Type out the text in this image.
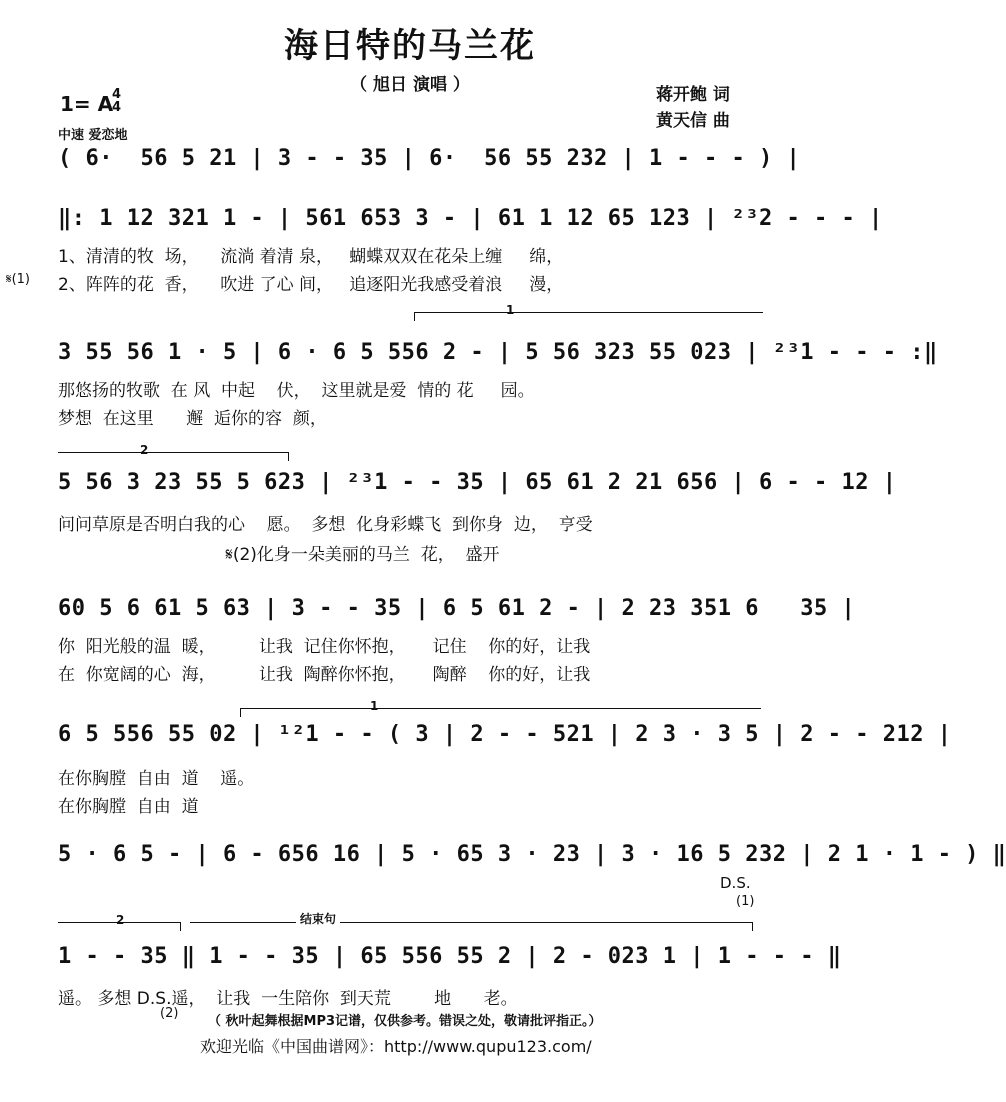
海日特的马兰花
（ 旭日 演唱 ）	蒋开鲍 词
黄天信 曲
1= A
4
4
中速 爱恋地
( 6·  56 5 21 | 3 - - 35 | 6·  56 55 232 | 1 - - - ) |
‖: 1 12 321 1 - | 561 653 3 - | 61 1 12 65 123 | ²³2 - - - |
1、清清的牧  场，    流淌 着清 泉，   蝴蝶双双在花朵上缠     绵，
2、阵阵的花  香，    吹进 了心 间，   追逐阳光我感受着浪     漫，
𝄋(1)
1
3 55 56 1 · 5 | 6 · 6 5 556 2 - | 5 56 323 55 023 | ²³1 - - - :‖
那悠扬的牧歌  在 风  中起    伏，  这里就是爱  情的 花     园。
梦想  在这里      邂  逅你的容  颜，
2
5 56 3 23 55 5 623 | ²³1 - - 35 | 65 61 2 21 656 | 6 - - 12 |
问问草原是否明白我的心    愿。  多想  化身彩蝶飞  到你身  边，  亨受
𝄋(2)化身一朵美丽的马兰  花，  盛开
60 5 6 61 5 63 | 3 - - 35 | 6 5 61 2 - | 2 23 351 6   35 |
你  阳光般的温  暖，        让我  记住你怀抱，     记住    你的好，让我
在  你宽阔的心  海，        让我  陶醉你怀抱，     陶醉    你的好，让我
1
6 5 556 55 02 | ¹²1 - - ( 3 | 2 - - 521 | 2 3 · 3 5 | 2 - - 212 |
在你胸膛  自由  道    遥。
在你胸膛  自由  道
5 · 6 5 - | 6 - 656 16 | 5 · 65 3 · 23 | 3 · 16 5 232 | 2 1 · 1 - ) ‖
D.S.
(1)
2	结束句
1 - - 35 ‖ 1 - - 35 | 65 556 55 2 | 2 - 023 1 | 1 - - - ‖
遥。 多想 D.S.遥，  让我  一生陪你  到天荒        地      老。
(2)
（ 秋叶起舞根据MP3记谱，仅供参考。错误之处，敬请批评指正。）
欢迎光临《中国曲谱网》：http://www.qupu123.com/
